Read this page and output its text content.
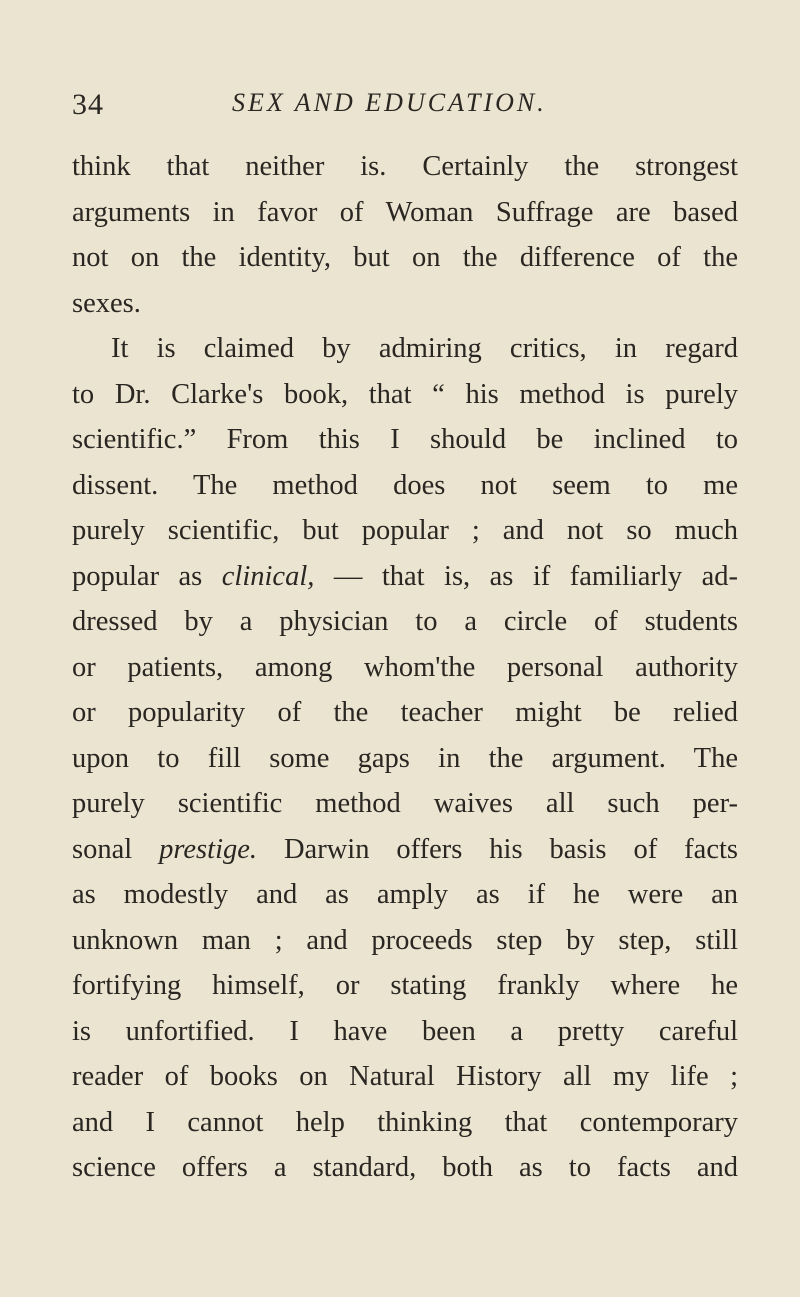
34	SEX AND EDUCATION.
think that neither is. Certainly the strongest
arguments in favor of Woman Suffrage are based
not on the identity, but on the difference of the
sexes.
It is claimed by admiring critics, in regard
to Dr. Clarke's book, that “ his method is purely
scientific.” From this I should be inclined to
dissent. The method does not seem to me
purely scientific, but popular ; and not so much
popular as clinical, — that is, as if familiarly ad-
dressed by a physician to a circle of students
or patients, among whom'the personal authority
or popularity of the teacher might be relied
upon to fill some gaps in the argument. The
purely scientific method waives all such per-
sonal prestige. Darwin offers his basis of facts
as modestly and as amply as if he were an
unknown man ; and proceeds step by step, still
fortifying himself, or stating frankly where he
is unfortified. I have been a pretty careful
reader of books on Natural History all my life ;
and I cannot help thinking that contemporary
science offers a standard, both as to facts and
